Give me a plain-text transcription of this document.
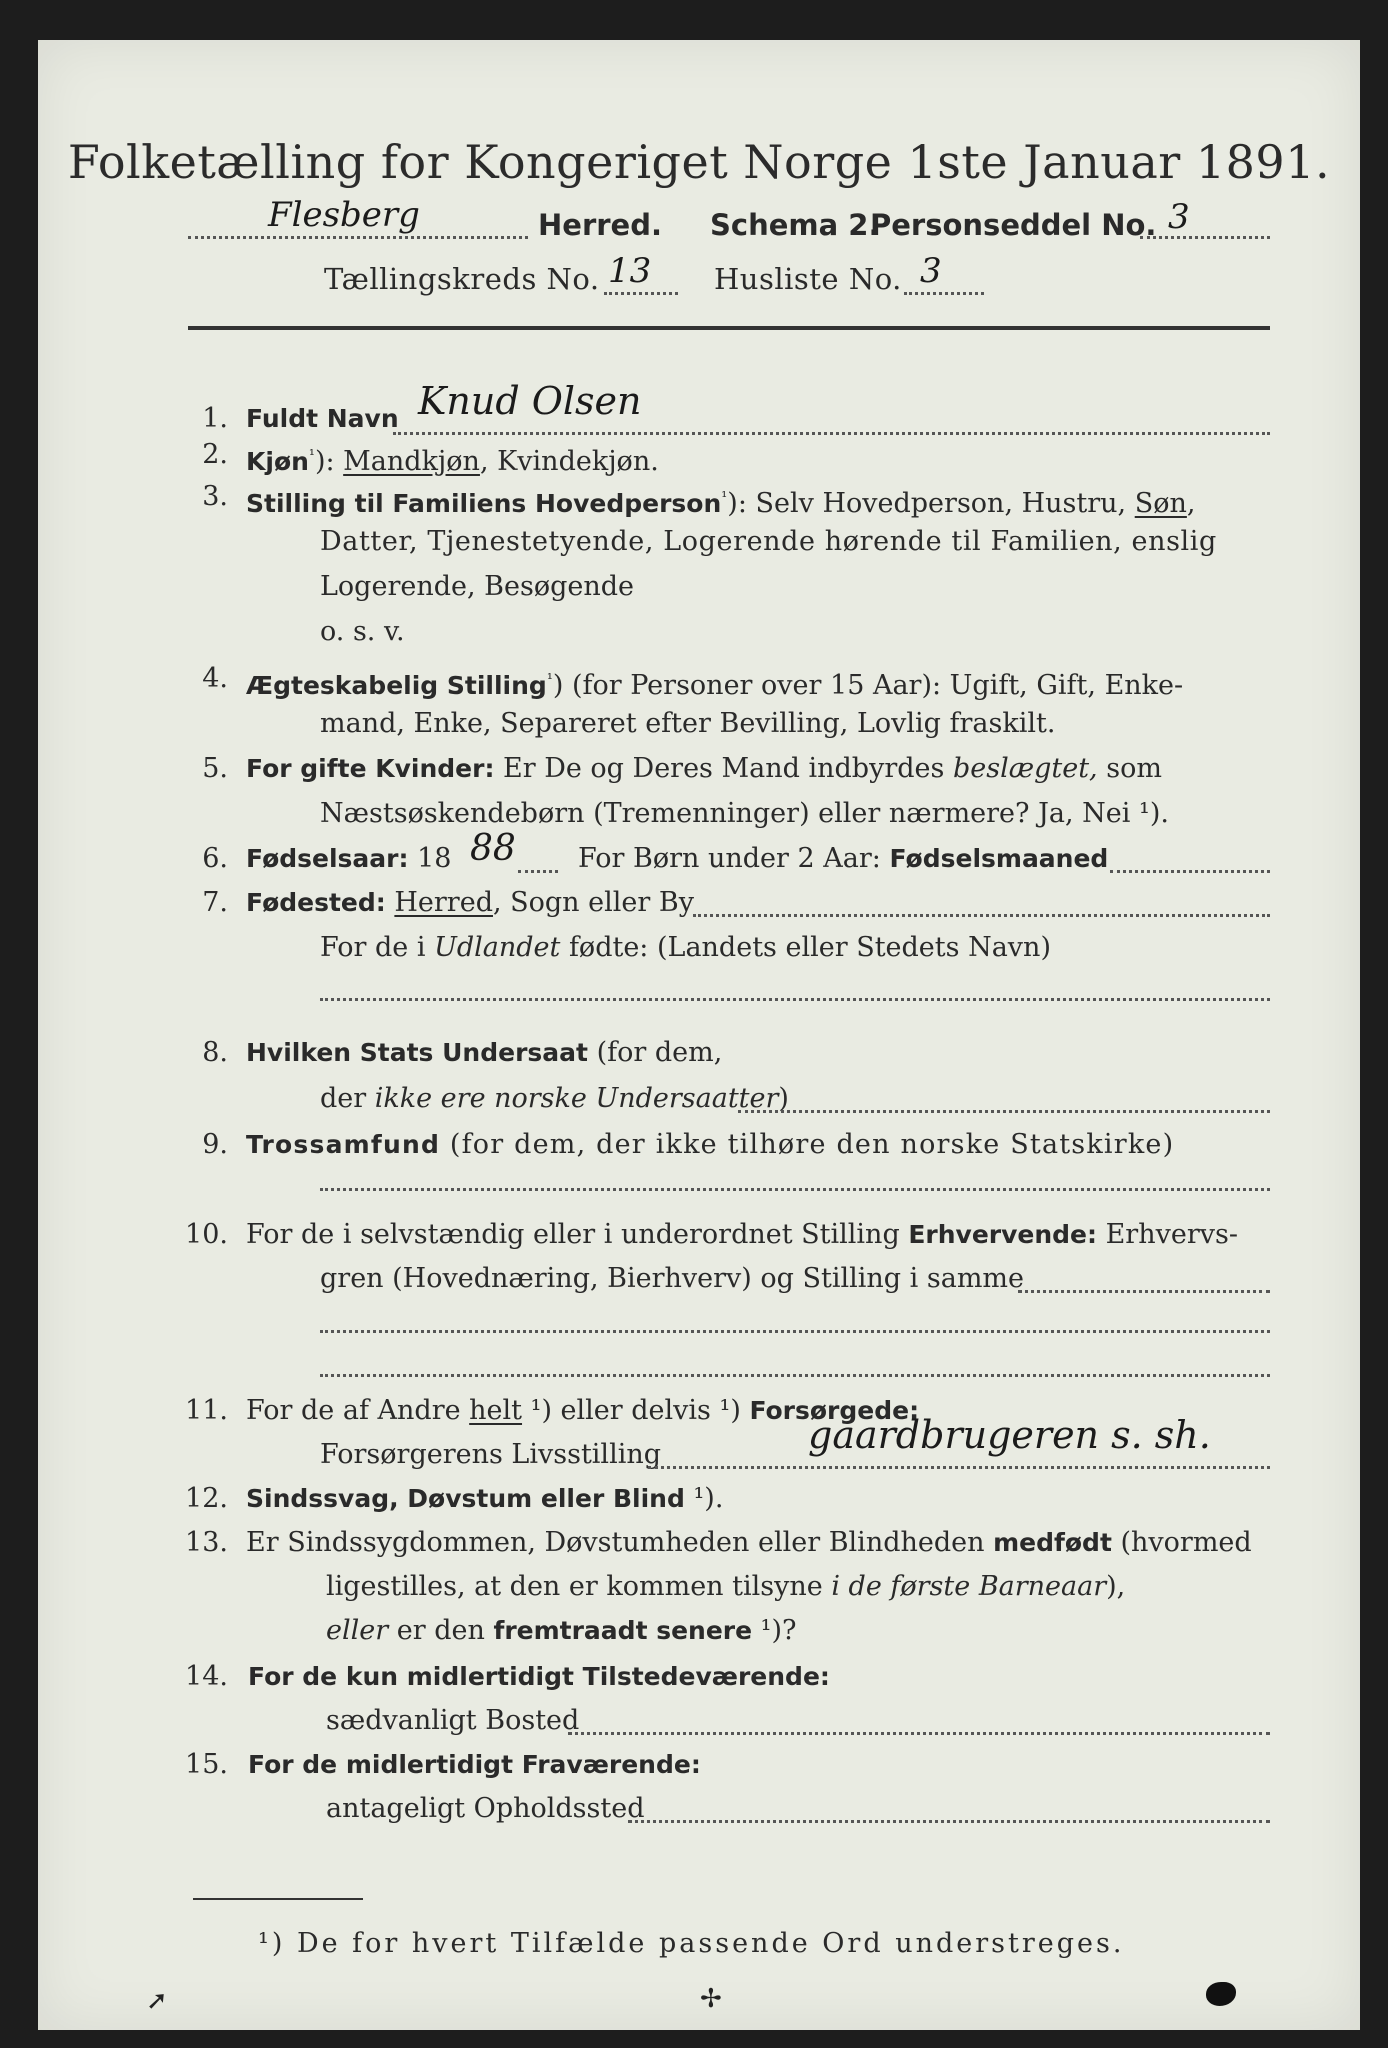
Folketælling for Kongeriget Norge 1ste Januar 1891.
Flesberg	Herred. Schema 2.
Personseddel No. 3
Tællingskreds No. 13 Husliste No. 3
1. Fuldt Navn Knud Olsen
2. Kjøn$^{^1}$): Mandkjøn, Kvindekjøn.
3. Stilling til Familiens Hovedperson$^{^1}$): Selv Hovedperson, Hustru, Søn,
Datter, Tjenestetyende, Logerende hørende til Familien, enslig
Logerende, Besøgende
o. s. v.
4. Ægteskabelig Stilling$^{^1}$) (for Personer over 15 Aar): Ugift, Gift, Enke-
mand, Enke, Separeret efter Bevilling, Lovlig fraskilt.
5. For gifte Kvinder: Er De og Deres Mand indbyrdes beslægtet, som
Næstsøskendebørn (Tremenninger) eller nærmere? Ja, Nei ¹).
6. Fødselsaar: 18 88 For Børn under 2 Aar: Fødselsmaaned
7. Fødested: Herred, Sogn eller By
For de i Udlandet fødte: (Landets eller Stedets Navn)
8. Hvilken Stats Undersaat (for dem,
der ikke ere norske Undersaatter)
9. Trossamfund (for dem, der ikke tilhøre den norske Statskirke)
10. For de i selvstændig eller i underordnet Stilling Erhvervende: Erhvervs-
gren (Hovednæring, Bierhverv) og Stilling i samme
11. For de af Andre helt ¹) eller delvis ¹) Forsørgede:
Forsørgerens Livsstilling	gaardbrugeren s. sh.
12. Sindssvag, Døvstum eller Blind ¹).
13. Er Sindssygdommen, Døvstumheden eller Blindheden medfødt (hvormed
ligestilles, at den er kommen tilsyne i de første Barneaar),
eller er den fremtraadt senere ¹)?
14. For de kun midlertidigt Tilstedeværende:
sædvanligt Bosted
15. For de midlertidigt Fraværende:
antageligt Opholdssted
¹) De for hvert Tilfælde passende Ord understreges.
➚	✢
